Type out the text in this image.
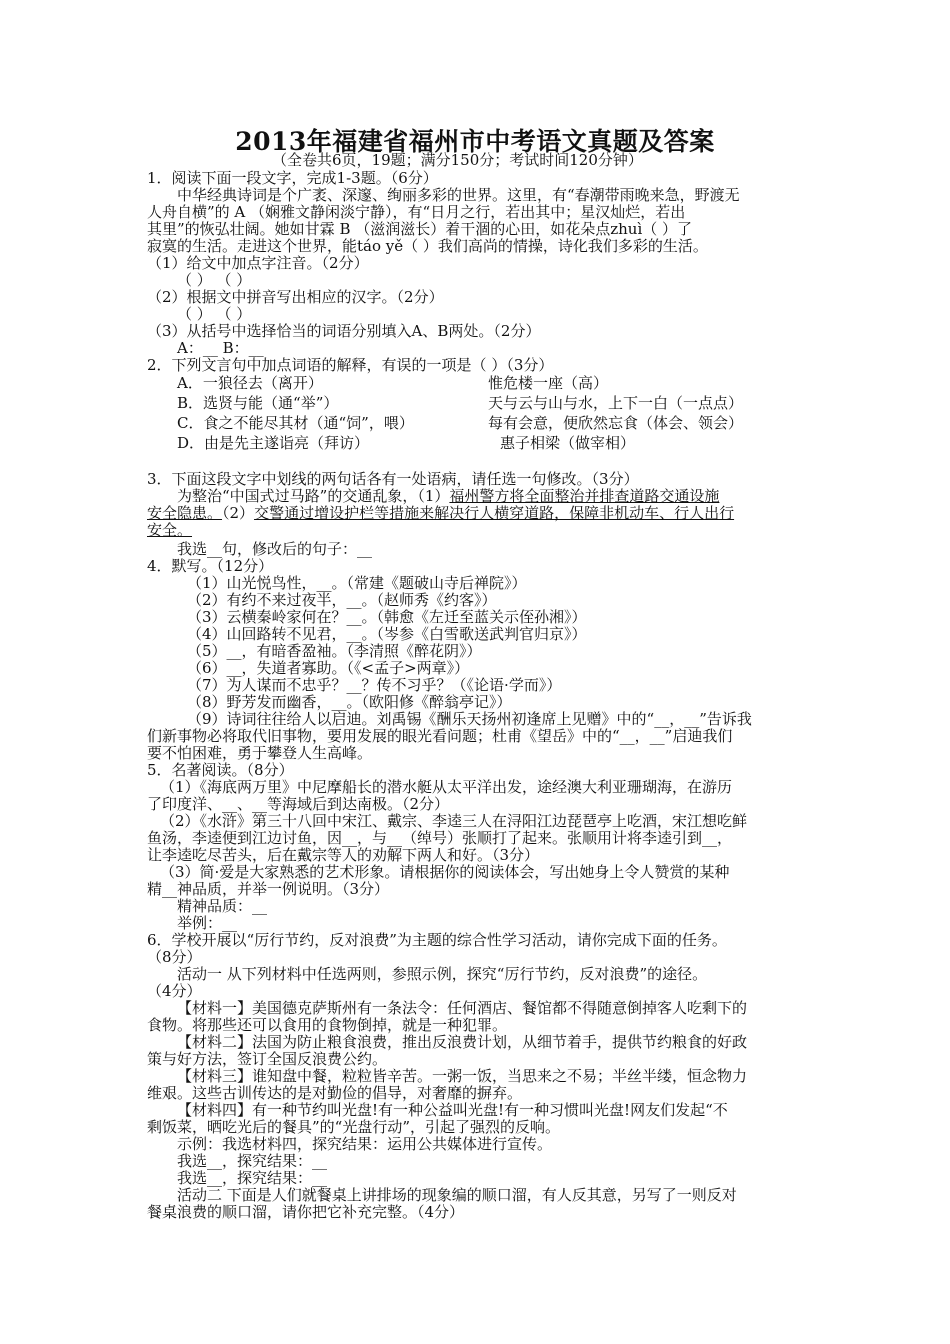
2013年福建省福州市中考语文真题及答案
（全卷共6页，19题；满分150分；考试时间120分钟）
1．阅读下面一段文字，完成1-3题。（6分）
中华经典诗词是个广袤、深邃、绚丽多彩的世界。这里，有“春潮带雨晚来急，野渡无
人舟自横”的 A （娴雅文静闲淡宁静），有“日月之行，若出其中；星汉灿烂，若出
其里”的恢弘壮阔。她如甘霖 B （滋润滋长）着干涸的心田，如花朵点zhuì（ ）了
寂寞的生活。走进这个世界，能táo yě（ ）我们高尚的情操，诗化我们多彩的生活。
（1）给文中加点字注音。（2分）
（ ） （ ）
（2）根据文中拼音写出相应的汉字。（2分）
（ ） （ ）
（3）从括号中选择恰当的词语分别填入A、B两处。（2分）
A：__ B：__
2．下列文言句中加点词语的解释，有误的一项是（ ）（3分）
A．一狼径去（离开）	惟危楼一座（高）
B．选贤与能（通“举”）	天与云与山与水，上下一白（一点点）
C．食之不能尽其材（通“饲”，喂）	每有会意，便欣然忘食（体会、领会）
D．由是先主遂诣亮（拜访）	惠子相梁（做宰相）
3．下面这段文字中划线的两句话各有一处语病，请任选一句修改。（3分）
为整治“中国式过马路”的交通乱象，（1）福州警方将全面整治并排查道路交通设施
安全隐患。（2）交警通过增设护栏等措施来解决行人横穿道路，保障非机动车、行人出行
安全。
我选__句，修改后的句子：__
4．默写。（12分）
（1）山光悦鸟性，__。（常建《题破山寺后禅院》）
（2）有约不来过夜半，__。（赵师秀《约客》）
（3）云横秦岭家何在？__。（韩愈《左迁至蓝关示侄孙湘》）
（4）山回路转不见君，__。（岑参《白雪歌送武判官归京》）
（5）__，有暗香盈袖。（李清照《醉花阴》）
（6）__，失道者寡助。（《<孟子>两章》）
（7）为人谋而不忠乎？__？传不习乎？（《论语·学而》）
（8）野芳发而幽香，__。（欧阳修《醉翁亭记》）
（9）诗词往往给人以启迪。刘禹锡《酬乐天扬州初逢席上见赠》中的“__，__”告诉我
们新事物必将取代旧事物，要用发展的眼光看问题；杜甫《望岳》中的“__，__”启迪我们
要不怕困难，勇于攀登人生高峰。
5．名著阅读。（8分）
（1）《海底两万里》中尼摩船长的潜水艇从太平洋出发，途经澳大利亚珊瑚海，在游历
了印度洋、__、__等海域后到达南极。（2分）
（2）《水浒》第三十八回中宋江、戴宗、李逵三人在浔阳江边琵琶亭上吃酒，宋江想吃鲜
鱼汤，李逵便到江边讨鱼，因__，与__（绰号）张顺打了起来。张顺用计将李逵引到__，
让李逵吃尽苦头，后在戴宗等人的劝解下两人和好。（3分）
（3）简·爱是大家熟悉的艺术形象。请根据你的阅读体会，写出她身上令人赞赏的某种
精__神品质，并举一例说明。（3分）
精神品质：__
举例：__
6．学校开展以“厉行节约，反对浪费”为主题的综合性学习活动，请你完成下面的任务。
（8分）
活动一 从下列材料中任选两则，参照示例，探究“厉行节约，反对浪费”的途径。
（4分）
【材料一】美国德克萨斯州有一条法令：任何酒店、餐馆都不得随意倒掉客人吃剩下的
食物。将那些还可以食用的食物倒掉，就是一种犯罪。
【材料二】法国为防止粮食浪费，推出反浪费计划，从细节着手，提供节约粮食的好政
策与好方法，签订全国反浪费公约。
【材料三】谁知盘中餐，粒粒皆辛苦。一粥一饭，当思来之不易；半丝半缕，恒念物力
维艰。这些古训传达的是对勤俭的倡导，对奢靡的摒弃。
【材料四】有一种节约叫光盘!有一种公益叫光盘!有一种习惯叫光盘!网友们发起“不
剩饭菜，晒吃光后的餐具”的“光盘行动”，引起了强烈的反响。
示例：我选材料四，探究结果：运用公共媒体进行宣传。
我选__，探究结果：__
我选__，探究结果：__
活动二 下面是人们就餐桌上讲排场的现象编的顺口溜，有人反其意，另写了一则反对
餐桌浪费的顺口溜，请你把它补充完整。（4分）
